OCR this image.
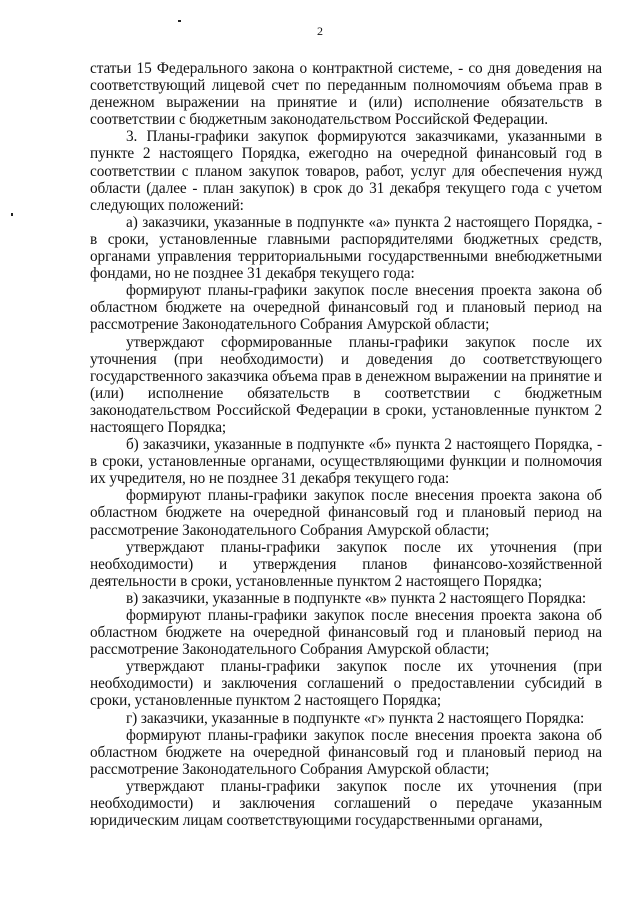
2

статьи 15 Федерального закона о контрактной системе, - со дня доведения на соответствующий лицевой счет по переданным полномочиям объема прав в денежном выражении на принятие и (или) исполнение обязательств в соответствии с бюджетным законодательством Российской Федерации.

3. Планы-графики закупок формируются заказчиками, указанными в пункте 2 настоящего Порядка, ежегодно на очередной финансовый год в соответствии с планом закупок товаров, работ, услуг для обеспечения нужд области (далее - план закупок) в срок до 31 декабря текущего года с учетом следующих положений:

а) заказчики, указанные в подпункте «а» пункта 2 настоящего Порядка, - в сроки, установленные главными распорядителями бюджетных средств, органами управления территориальными государственными внебюджетными фондами, но не позднее 31 декабря текущего года:

формируют планы-графики закупок после внесения проекта закона об областном бюджете на очередной финансовый год и плановый период на рассмотрение Законодательного Собрания Амурской области;

утверждают сформированные планы-графики закупок после их уточнения (при необходимости) и доведения до соответствующего государственного заказчика объема прав в денежном выражении на принятие и (или) исполнение обязательств в соответствии с бюджетным законодательством Российской Федерации в сроки, установленные пунктом 2 настоящего Порядка;

б) заказчики, указанные в подпункте «б» пункта 2 настоящего Порядка, - в сроки, установленные органами, осуществляющими функции и полномочия их учредителя, но не позднее 31 декабря текущего года:

формируют планы-графики закупок после внесения проекта закона об областном бюджете на очередной финансовый год и плановый период на рассмотрение Законодательного Собрания Амурской области;

утверждают планы-графики закупок после их уточнения (при необходимости) и утверждения планов финансово-хозяйственной деятельности в сроки, установленные пунктом 2 настоящего Порядка;

в) заказчики, указанные в подпункте «в» пункта 2 настоящего Порядка:

формируют планы-графики закупок после внесения проекта закона об областном бюджете на очередной финансовый год и плановый период на рассмотрение Законодательного Собрания Амурской области;

утверждают планы-графики закупок после их уточнения (при необходимости) и заключения соглашений о предоставлении субсидий в сроки, установленные пунктом 2 настоящего Порядка;

г) заказчики, указанные в подпункте «г» пункта 2 настоящего Порядка:

формируют планы-графики закупок после внесения проекта закона об областном бюджете на очередной финансовый год и плановый период на рассмотрение Законодательного Собрания Амурской области;

утверждают планы-графики закупок после их уточнения (при необходимости) и заключения соглашений о передаче указанным юридическим лицам соответствующими государственными органами,
